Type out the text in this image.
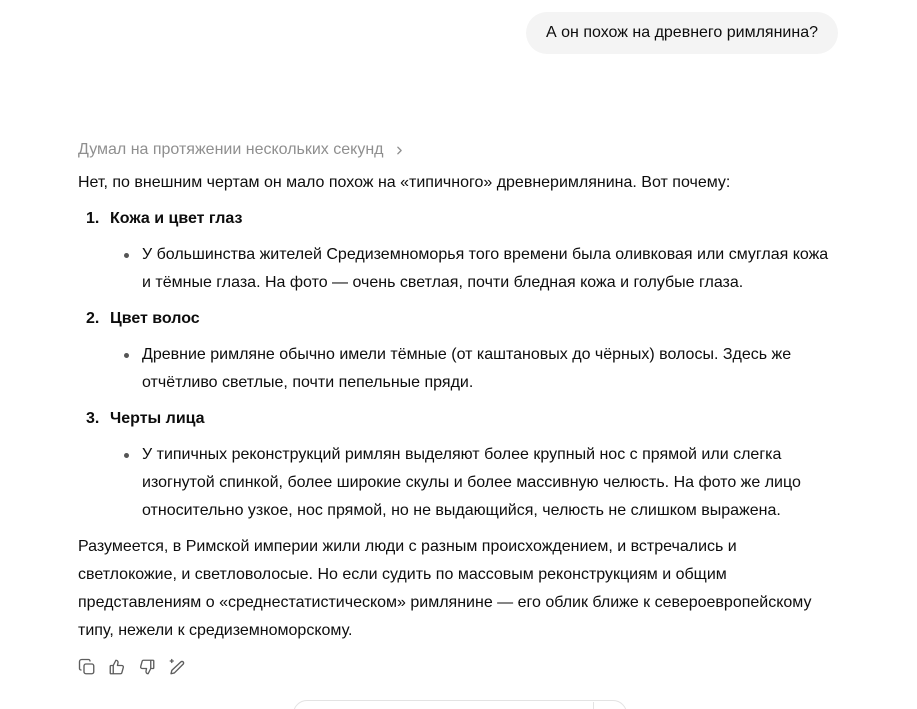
А он похож на древнего римлянина?
Думал на протяжении нескольких секунд

Нет, по внешним чертам он мало похож на «типичного» древнеримлянина. Вот почему:

1. Кожа и цвет глаз
У большинства жителей Средиземноморья того времени была оливковая или смуглая кожа и тёмные глаза. На фото — очень светлая, почти бледная кожа и голубые глаза.
2. Цвет волос
Древние римляне обычно имели тёмные (от каштановых до чёрных) волосы. Здесь же отчётливо светлые, почти пепельные пряди.
3. Черты лица
У типичных реконструкций римлян выделяют более крупный нос с прямой или слегка изогнутой спинкой, более широкие скулы и более массивную челюсть. На фото же лицо относительно узкое, нос прямой, но не выдающийся, челюсть не слишком выражена.

Разумеется, в Римской империи жили люди с разным происхождением, и встречались и светлокожие, и светловолосые. Но если судить по массовым реконструкциям и общим представлениям о «среднестатистическом» римлянине — его облик ближе к североевропейскому типу, нежели к средиземноморскому.
